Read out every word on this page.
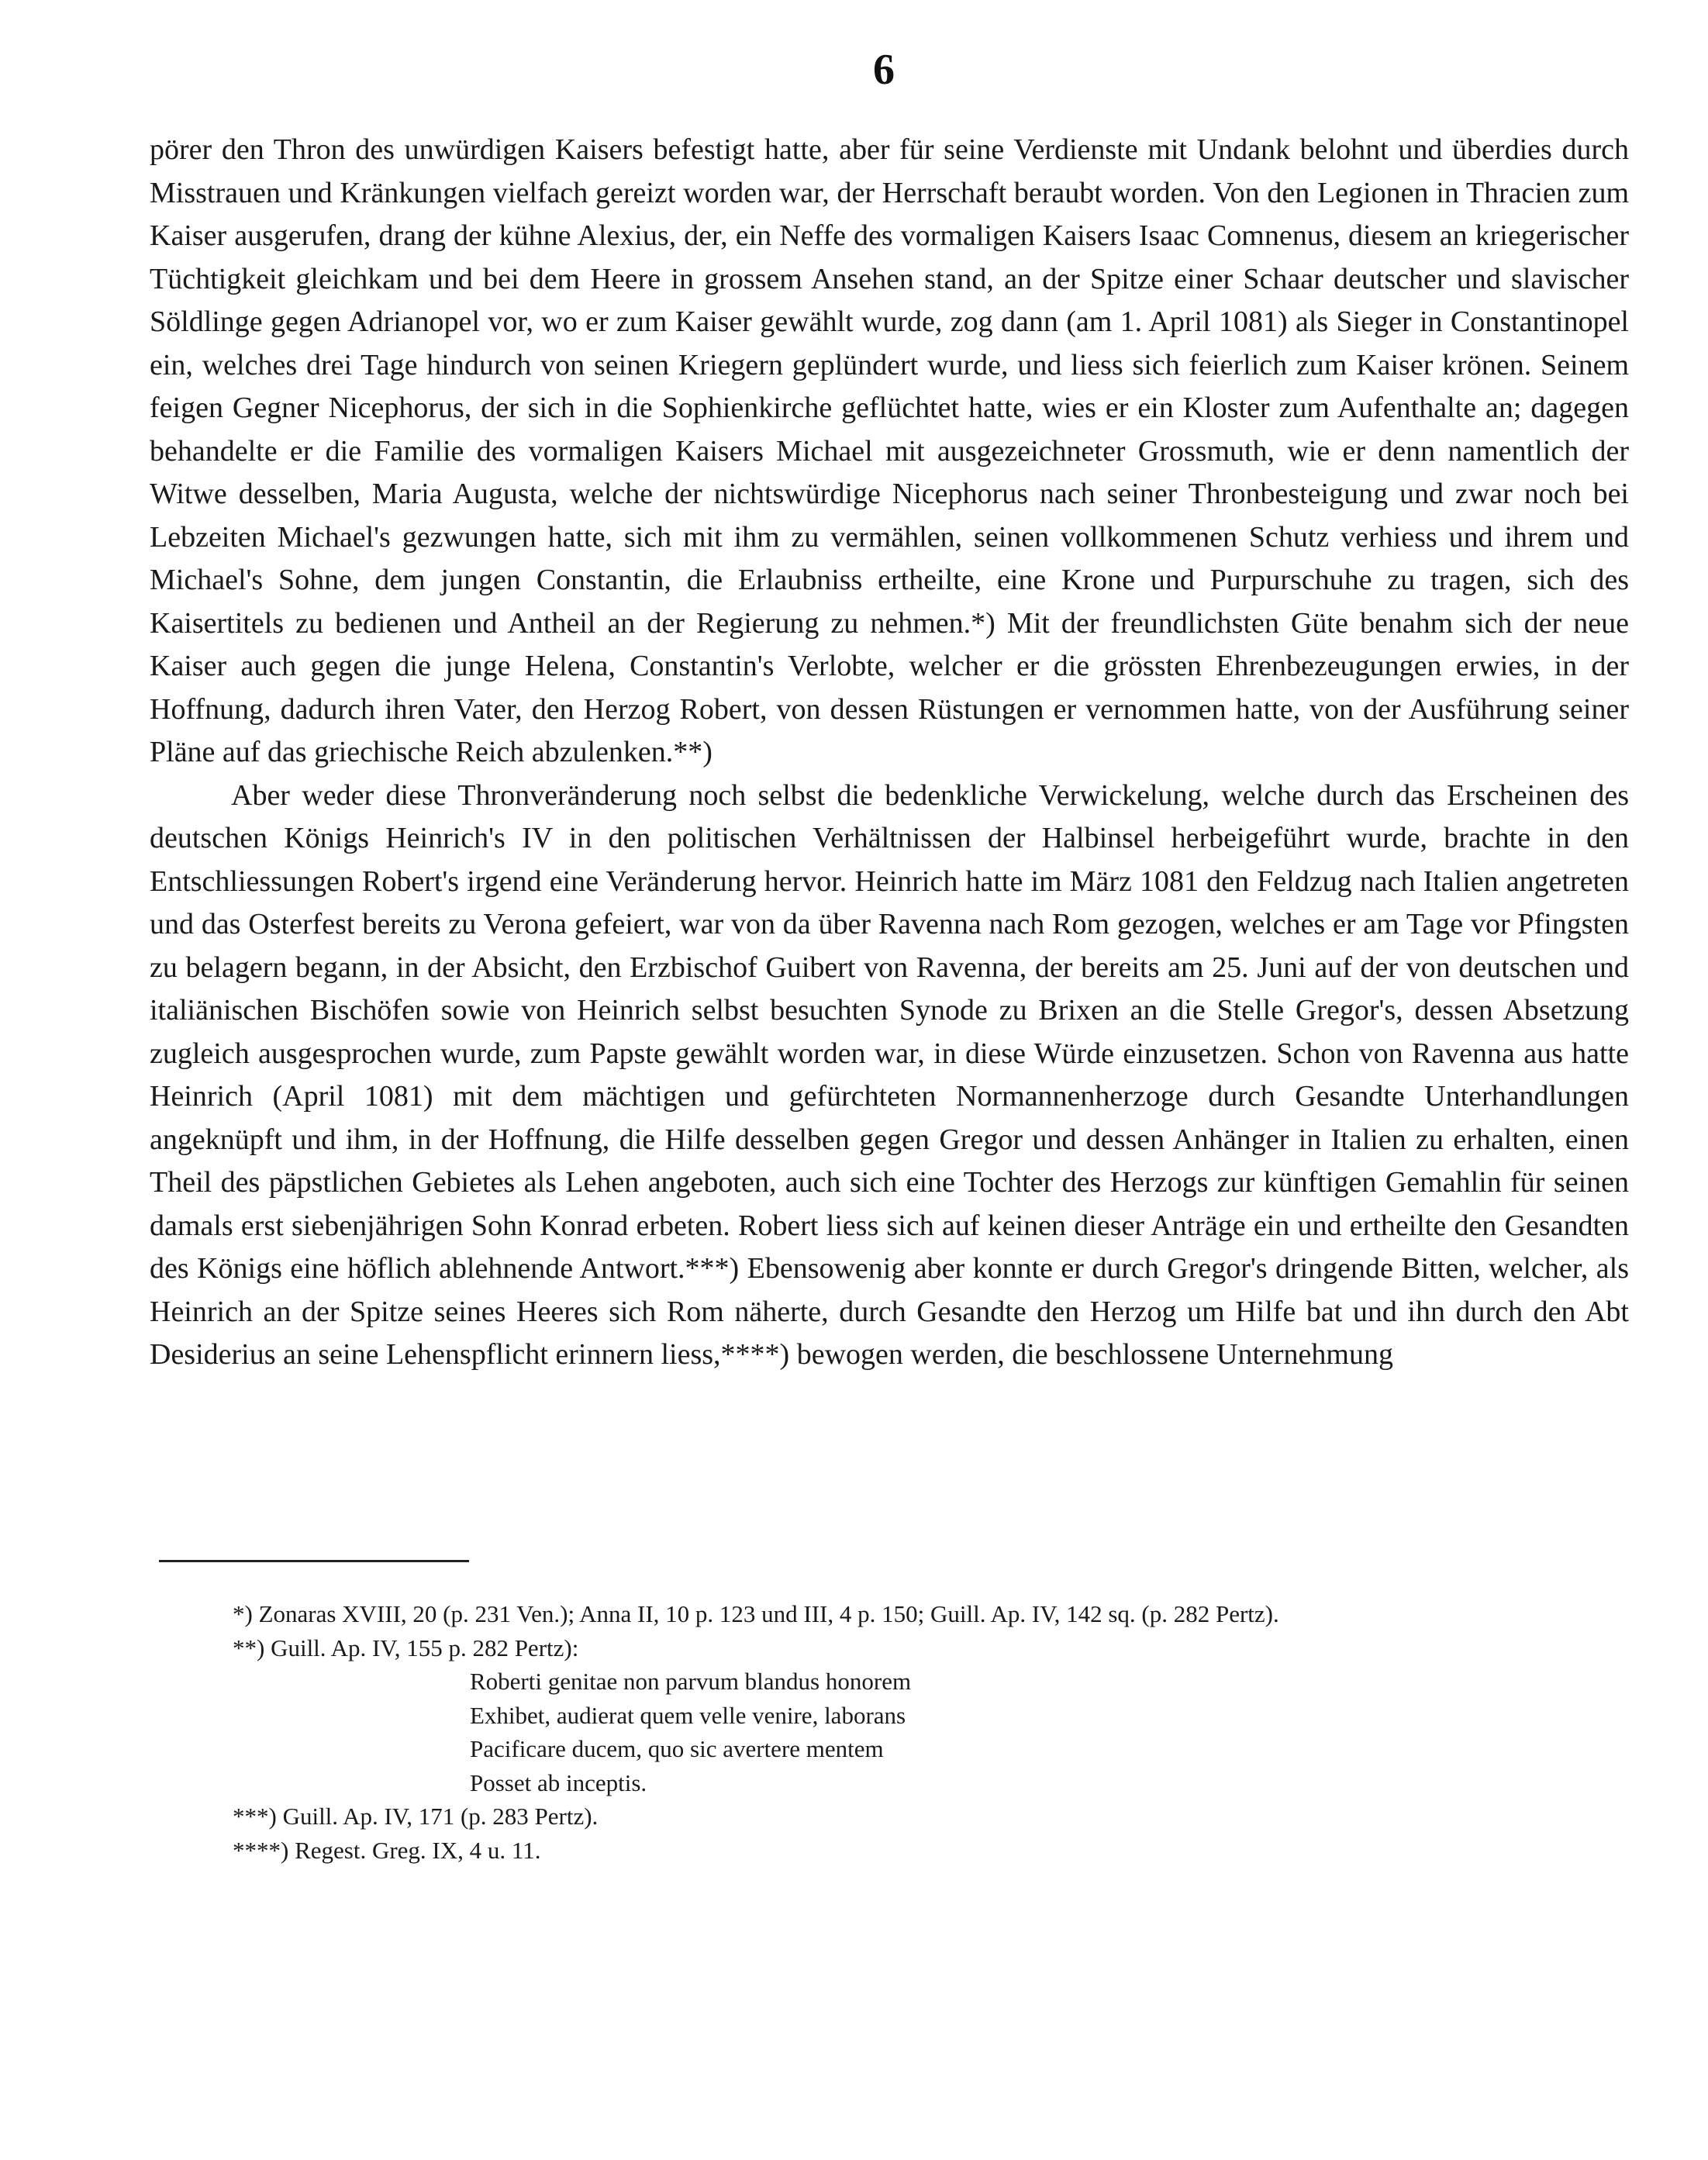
6

pörer den Thron des unwürdigen Kaisers befestigt hatte, aber für seine Verdienste mit Undank belohnt und überdies durch Misstrauen und Kränkungen vielfach gereizt worden war, der Herrschaft beraubt worden. Von den Legionen in Thracien zum Kaiser ausgerufen, drang der kühne Alexius, der, ein Neffe des vormaligen Kaisers Isaac Comnenus, diesem an kriegerischer Tüchtigkeit gleichkam und bei dem Heere in grossem Ansehen stand, an der Spitze einer Schaar deutscher und slavischer Söldlinge gegen Adrianopel vor, wo er zum Kaiser gewählt wurde, zog dann (am 1. April 1081) als Sieger in Constantinopel ein, welches drei Tage hindurch von seinen Kriegern geplündert wurde, und liess sich feierlich zum Kaiser krönen. Seinem feigen Gegner Nicephorus, der sich in die Sophienkirche geflüchtet hatte, wies er ein Kloster zum Aufenthalte an; dagegen behandelte er die Familie des vormaligen Kaisers Michael mit ausgezeichneter Grossmuth, wie er denn namentlich der Witwe desselben, Maria Augusta, welche der nichtswürdige Nicephorus nach seiner Thronbesteigung und zwar noch bei Lebzeiten Michael's gezwungen hatte, sich mit ihm zu vermählen, seinen vollkommenen Schutz verhiess und ihrem und Michael's Sohne, dem jungen Constantin, die Erlaubniss ertheilte, eine Krone und Purpurschuhe zu tragen, sich des Kaisertitels zu bedienen und Antheil an der Regierung zu nehmen.*) Mit der freundlichsten Güte benahm sich der neue Kaiser auch gegen die junge Helena, Constantin's Verlobte, welcher er die grössten Ehrenbezeugungen erwies, in der Hoffnung, dadurch ihren Vater, den Herzog Robert, von dessen Rüstungen er vernommen hatte, von der Ausführung seiner Pläne auf das griechische Reich abzulenken.**)

Aber weder diese Thronveränderung noch selbst die bedenkliche Verwickelung, welche durch das Erscheinen des deutschen Königs Heinrich's IV in den politischen Verhältnissen der Halbinsel herbeigeführt wurde, brachte in den Entschliessungen Robert's irgend eine Veränderung hervor. Heinrich hatte im März 1081 den Feldzug nach Italien angetreten und das Osterfest bereits zu Verona gefeiert, war von da über Ravenna nach Rom gezogen, welches er am Tage vor Pfingsten zu belagern begann, in der Absicht, den Erzbischof Guibert von Ravenna, der bereits am 25. Juni auf der von deutschen und italiänischen Bischöfen sowie von Heinrich selbst besuchten Synode zu Brixen an die Stelle Gregor's, dessen Absetzung zugleich ausgesprochen wurde, zum Papste gewählt worden war, in diese Würde einzusetzen. Schon von Ravenna aus hatte Heinrich (April 1081) mit dem mächtigen und gefürchteten Normannenherzoge durch Gesandte Unterhandlungen angeknüpft und ihm, in der Hoffnung, die Hilfe desselben gegen Gregor und dessen Anhänger in Italien zu erhalten, einen Theil des päpstlichen Gebietes als Lehen angeboten, auch sich eine Tochter des Herzogs zur künftigen Gemahlin für seinen damals erst siebenjährigen Sohn Konrad erbeten. Robert liess sich auf keinen dieser Anträge ein und ertheilte den Gesandten des Königs eine höflich ablehnende Antwort.***) Ebensowenig aber konnte er durch Gregor's dringende Bitten, welcher, als Heinrich an der Spitze seines Heeres sich Rom näherte, durch Gesandte den Herzog um Hilfe bat und ihn durch den Abt Desiderius an seine Lehenspflicht erinnern liess,****) bewogen werden, die beschlossene Unternehmung

*) Zonaras XVIII, 20 (p. 231 Ven.); Anna II, 10 p. 123 und III, 4 p. 150; Guill. Ap. IV, 142 sq. (p. 282 Pertz).

**) Guill. Ap. IV, 155 p. 282 Pertz):

Roberti genitae non parvum blandus honorem

Exhibet, audierat quem velle venire, laborans

Pacificare ducem, quo sic avertere mentem

Posset ab inceptis.

***) Guill. Ap. IV, 171 (p. 283 Pertz).

****) Regest. Greg. IX, 4 u. 11.
